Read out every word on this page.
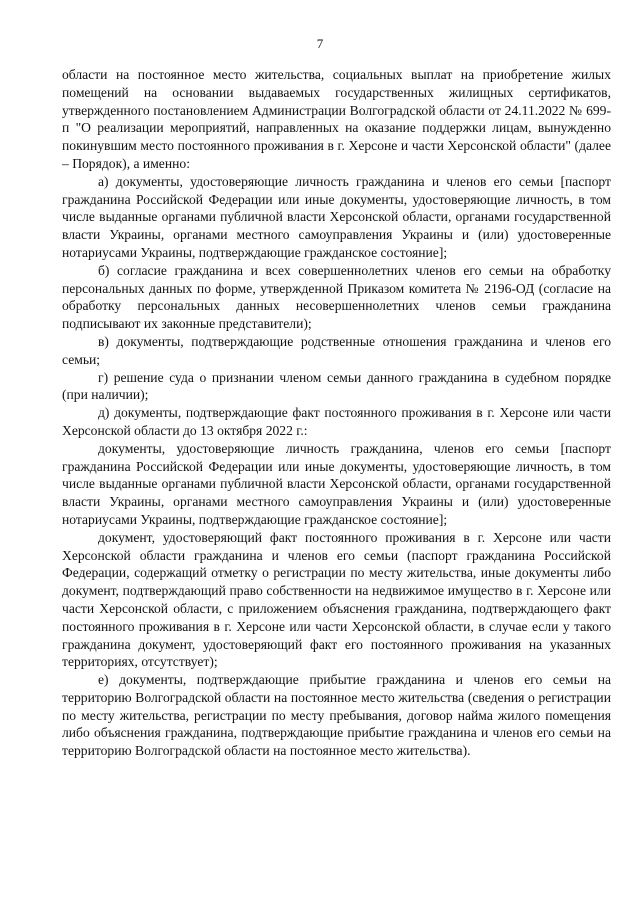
7

области на постоянное место жительства, социальных выплат на приобретение жилых помещений на основании выдаваемых государственных жилищных сертификатов, утвержденного постановлением Администрации Волгоградской области от 24.11.2022 № 699-п "О реализации мероприятий, направленных на оказание поддержки лицам, вынужденно покинувшим место постоянного проживания в г. Херсоне и части Херсонской области" (далее – Порядок), а именно:

а) документы, удостоверяющие личность гражданина и членов его семьи [паспорт гражданина Российской Федерации или иные документы, удостоверяющие личность, в том числе выданные органами публичной власти Херсонской области, органами государственной власти Украины, органами местного самоуправления Украины и (или) удостоверенные нотариусами Украины, подтверждающие гражданское состояние];

б) согласие гражданина и всех совершеннолетних членов его семьи на обработку персональных данных по форме, утвержденной Приказом комитета № 2196-ОД (согласие на обработку персональных данных несовершеннолетних членов семьи гражданина подписывают их законные представители);

в) документы, подтверждающие родственные отношения гражданина и членов его семьи;

г) решение суда о признании членом семьи данного гражданина в судебном порядке (при наличии);

д) документы, подтверждающие факт постоянного проживания в г. Херсоне или части Херсонской области до 13 октября 2022 г.:

документы, удостоверяющие личность гражданина, членов его семьи [паспорт гражданина Российской Федерации или иные документы, удостоверяющие личность, в том числе выданные органами публичной власти Херсонской области, органами государственной власти Украины, органами местного самоуправления Украины и (или) удостоверенные нотариусами Украины, подтверждающие гражданское состояние];

документ, удостоверяющий факт постоянного проживания в г. Херсоне или части Херсонской области гражданина и членов его семьи (паспорт гражданина Российской Федерации, содержащий отметку о регистрации по месту жительства, иные документы либо документ, подтверждающий право собственности на недвижимое имущество в г. Херсоне или части Херсонской области, с приложением объяснения гражданина, подтверждающего факт постоянного проживания в г. Херсоне или части Херсонской области, в случае если у такого гражданина документ, удостоверяющий факт его постоянного проживания на указанных территориях, отсутствует);

е) документы, подтверждающие прибытие гражданина и членов его семьи на территорию Волгоградской области на постоянное место жительства (сведения о регистрации по месту жительства, регистрации по месту пребывания, договор найма жилого помещения либо объяснения гражданина, подтверждающие прибытие гражданина и членов его семьи на территорию Волгоградской области на постоянное место жительства).
